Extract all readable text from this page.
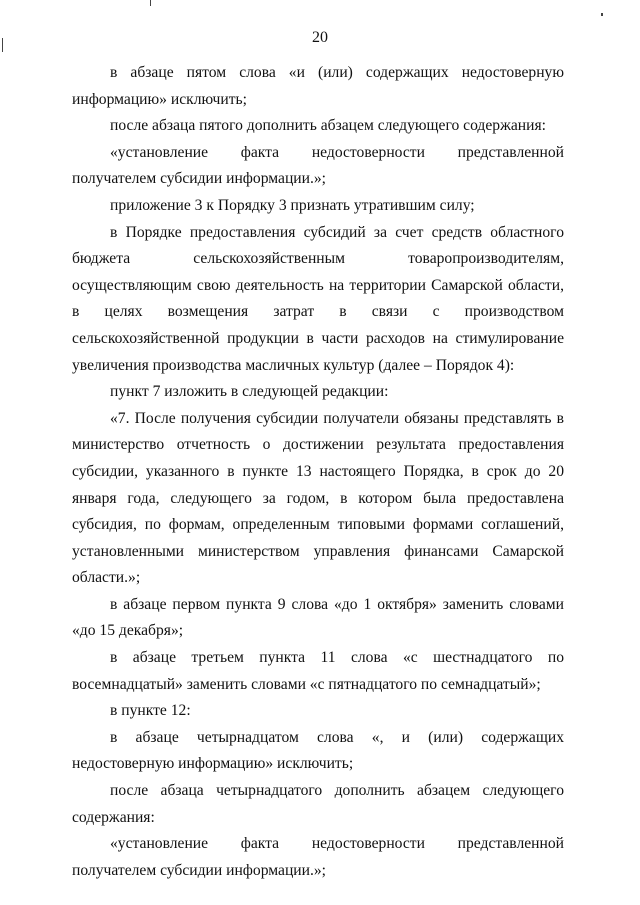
20

в абзаце пятом слова «и (или) содержащих недостоверную информацию» исключить;

после абзаца пятого дополнить абзацем следующего содержания:

«установление факта недостоверности представленной получателем субсидии информации.»;

приложение 3 к Порядку 3 признать утратившим силу;

в Порядке предоставления субсидий за счет средств областного бюджета сельскохозяйственным товаропроизводителям, осуществляющим свою деятельность на территории Самарской области, в целях возмещения затрат в связи с производством сельскохозяйственной продукции в части расходов на стимулирование увеличения производства масличных культур (далее – Порядок 4):

пункт 7 изложить в следующей редакции:

«7. После получения субсидии получатели обязаны представлять в министерство отчетность о достижении результата предоставления субсидии, указанного в пункте 13 настоящего Порядка, в срок до 20 января года, следующего за годом, в котором была предоставлена субсидия, по формам, определенным типовыми формами соглашений, установленными министерством управления финансами Самарской области.»;

в абзаце первом пункта 9 слова «до 1 октября» заменить словами «до 15 декабря»;

в абзаце третьем пункта 11 слова «с шестнадцатого по восемнадцатый» заменить словами «с пятнадцатого по семнадцатый»;

в пункте 12:

в абзаце четырнадцатом слова «, и (или) содержащих недостоверную информацию» исключить;

после абзаца четырнадцатого дополнить абзацем следующего содержания:

«установление факта недостоверности представленной получателем субсидии информации.»;
